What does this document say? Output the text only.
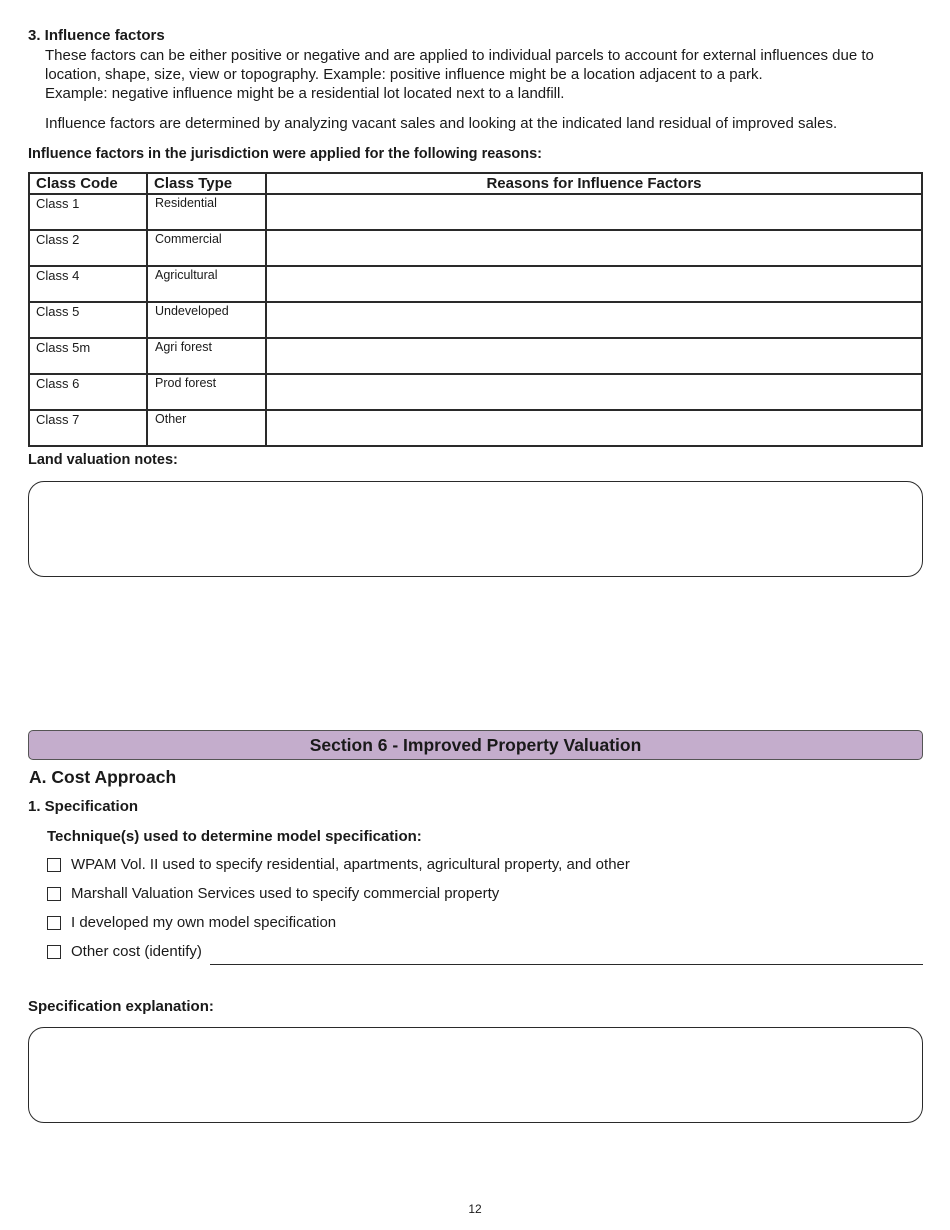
3. Influence factors
These factors can be either positive or negative and are applied to individual parcels to account for external influences due to
location, shape, size, view or topography. Example: positive influence might be a location adjacent to a park.
Example: negative influence might be a residential lot located next to a landfill.
Influence factors are determined by analyzing vacant sales and looking at the indicated land residual of improved sales.
Influence factors in the jurisdiction were applied for the following reasons:
Class Code	Class Type	Reasons for Influence Factors
Class 1	Residential	
Class 2	Commercial	
Class 4	Agricultural	
Class 5	Undeveloped	
Class 5m	Agri forest	
Class 6	Prod forest	
Class 7	Other	
Land valuation notes:
Section 6 - Improved Property Valuation
A. Cost Approach
1. Specification
Technique(s) used to determine model specification:
WPAM Vol. II used to specify residential, apartments, agricultural property, and other
Marshall Valuation Services used to specify commercial property
I developed my own model specification
Other cost (identify)
Specification explanation:
12
